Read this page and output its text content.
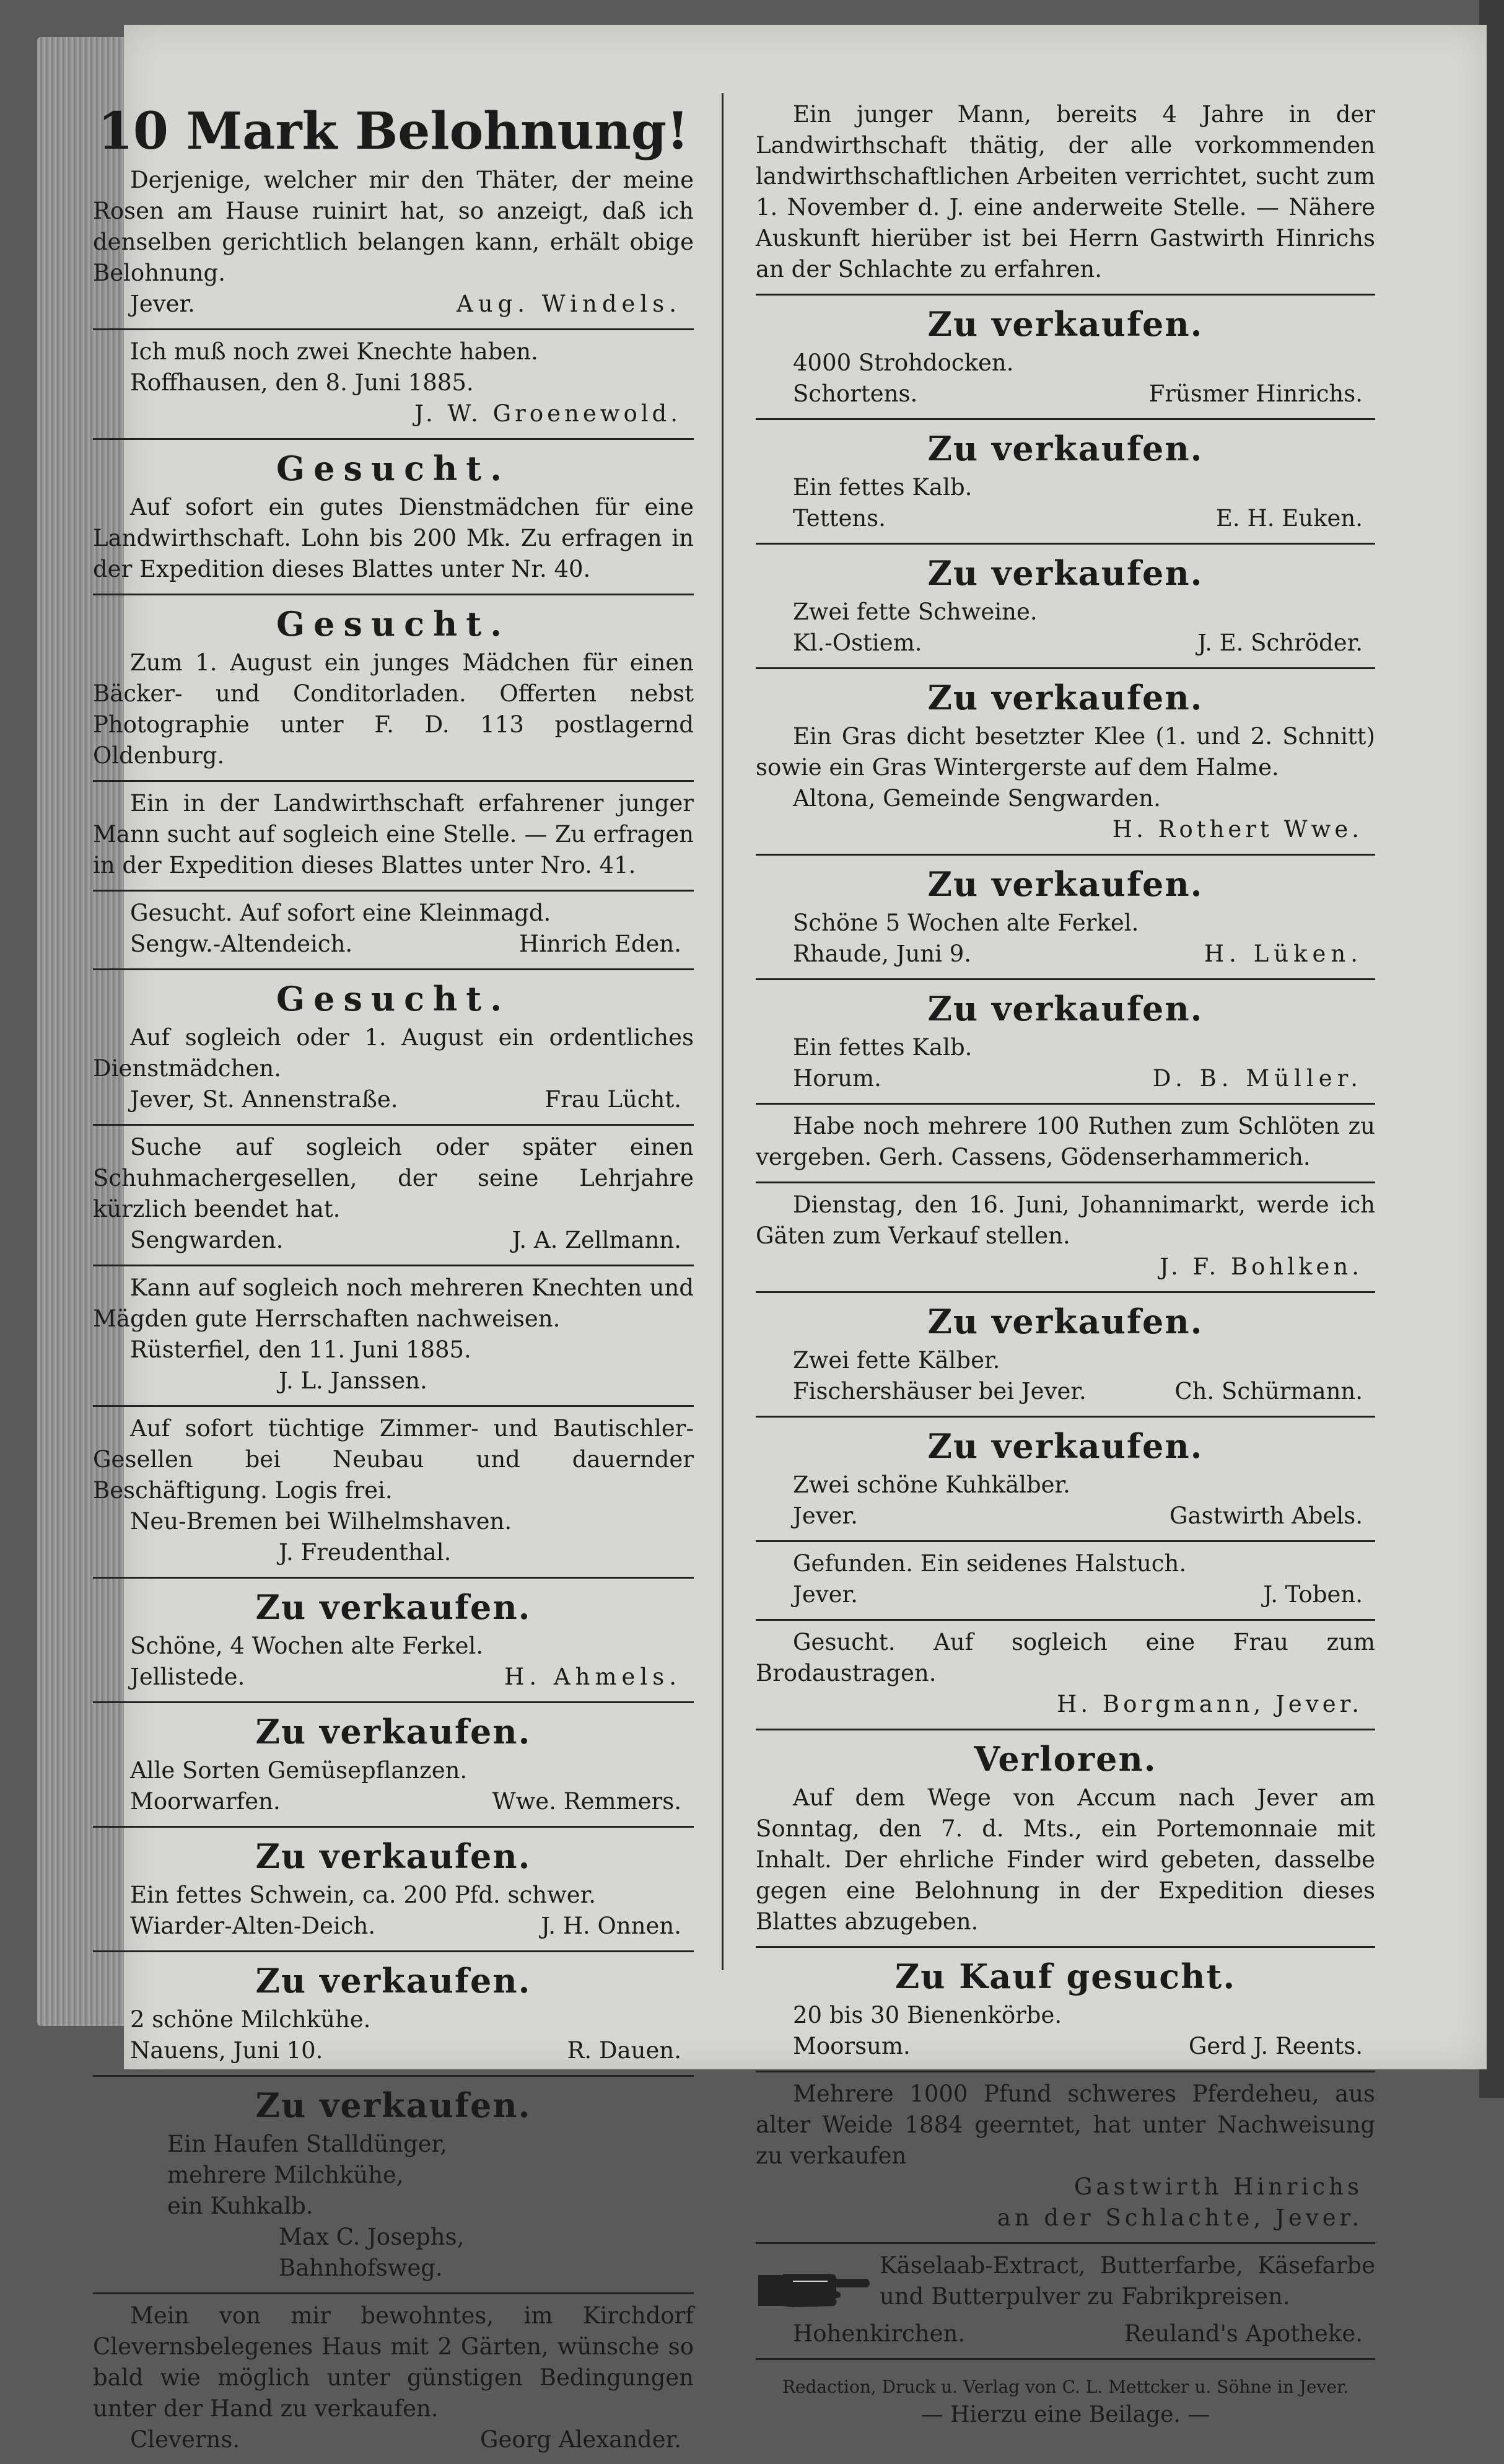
10 Mark Belohnung!

Derjenige, welcher mir den Thäter, der meine Rosen am Hause ruinirt hat, so anzeigt, daß ich denselben gerichtlich belangen kann, erhält obige Belohnung.

Jever.	Aug. Windels.

Ich muß noch zwei Knechte haben.

Roffhausen, den 8. Juni 1885.
J. W. Groenewold.
Gesucht.

Auf sofort ein gutes Dienstmädchen für eine Landwirthschaft. Lohn bis 200 Mk. Zu erfragen in der Expedition dieses Blattes unter Nr. 40.

Gesucht.

Zum 1. August ein junges Mädchen für einen Bäcker- und Conditorladen. Offerten nebst Photographie unter F. D. 113 postlagernd Oldenburg.

Ein in der Landwirthschaft erfahrener junger Mann sucht auf sogleich eine Stelle. — Zu erfragen in der Expedition dieses Blattes unter Nro. 41.

Gesucht. Auf sofort eine Kleinmagd.

Sengw.-Altendeich.	Hinrich Eden.
Gesucht.

Auf sogleich oder 1. August ein ordentliches Dienstmädchen.

Jever, St. Annenstraße.	Frau Lücht.

Suche auf sogleich oder später einen Schuhmachergesellen, der seine Lehrjahre kürzlich beendet hat.

Sengwarden.	J. A. Zellmann.

Kann auf sogleich noch mehreren Knechten und Mägden gute Herrschaften nachweisen.

Rüsterfiel, den 11. Juni 1885.
J. L. Janssen.

Auf sofort tüchtige Zimmer- und Bautischler-Gesellen bei Neubau und dauernder Beschäftigung. Logis frei.

Neu-Bremen bei Wilhelmshaven.
J. Freudenthal.
Zu verkaufen.
Schöne, 4 Wochen alte Ferkel.
Jellistede.	H. Ahmels.
Zu verkaufen.
Alle Sorten Gemüsepflanzen.
Moorwarfen.	Wwe. Remmers.
Zu verkaufen.
Ein fettes Schwein, ca. 200 Pfd. schwer.
Wiarder-Alten-Deich.	J. H. Onnen.
Zu verkaufen.
2 schöne Milchkühe.
Nauens, Juni 10.	R. Dauen.
Zu verkaufen.
Ein Haufen Stalldünger,
mehrere Milchkühe,
ein Kuhkalb.
Max C. Josephs,
Bahnhofsweg.

Mein von mir bewohntes, im Kirchdorf Clevernsbelegenes Haus mit 2 Gärten, wünsche so bald wie möglich unter günstigen Bedingungen unter der Hand zu verkaufen.

Cleverns.	Georg Alexander.

Ein junger Mann, bereits 4 Jahre in der Landwirthschaft thätig, der alle vorkommenden landwirthschaftlichen Arbeiten verrichtet, sucht zum 1. November d. J. eine anderweite Stelle. — Nähere Auskunft hierüber ist bei Herrn Gastwirth Hinrichs an der Schlachte zu erfahren.

Zu verkaufen.
4000 Strohdocken.
Schortens.	Früsmer Hinrichs.
Zu verkaufen.
Ein fettes Kalb.
Tettens.	E. H. Euken.
Zu verkaufen.
Zwei fette Schweine.
Kl.-Ostiem.	J. E. Schröder.
Zu verkaufen.

Ein Gras dicht besetzter Klee (1. und 2. Schnitt) sowie ein Gras Wintergerste auf dem Halme.

Altona, Gemeinde Sengwarden.
H. Rothert Wwe.
Zu verkaufen.
Schöne 5 Wochen alte Ferkel.
Rhaude, Juni 9.	H. Lüken.
Zu verkaufen.
Ein fettes Kalb.
Horum.	D. B. Müller.

Habe noch mehrere 100 Ruthen zum Schlöten zu vergeben. Gerh. Cassens, Gödenserhammerich.

Dienstag, den 16. Juni, Johannimarkt, werde ich Gäten zum Verkauf stellen.

J. F. Bohlken.
Zu verkaufen.
Zwei fette Kälber.
Fischershäuser bei Jever.	Ch. Schürmann.
Zu verkaufen.
Zwei schöne Kuhkälber.
Jever.	Gastwirth Abels.
Gefunden. Ein seidenes Halstuch.
Jever.	J. Toben.

Gesucht. Auf sogleich eine Frau zum Brodaustragen.

H. Borgmann, Jever.
Verloren.

Auf dem Wege von Accum nach Jever am Sonntag, den 7. d. Mts., ein Portemonnaie mit Inhalt. Der ehrliche Finder wird gebeten, dasselbe gegen eine Belohnung in der Expedition dieses Blattes abzugeben.

Zu Kauf gesucht.
20 bis 30 Bienenkörbe.
Moorsum.	Gerd J. Reents.

Mehrere 1000 Pfund schweres Pferdeheu, aus alter Weide 1884 geerntet, hat unter Nachweisung zu verkaufen

Gastwirth Hinrichs
an der Schlachte, Jever.

Käselaab-Extract, Butterfarbe, Käsefarbe und Butterpulver zu Fabrikpreisen.

Hohenkirchen.	Reuland's Apotheke.
Redaction, Druck u. Verlag von C. L. Mettcker u. Söhne in Jever.
— Hierzu eine Beilage. —
